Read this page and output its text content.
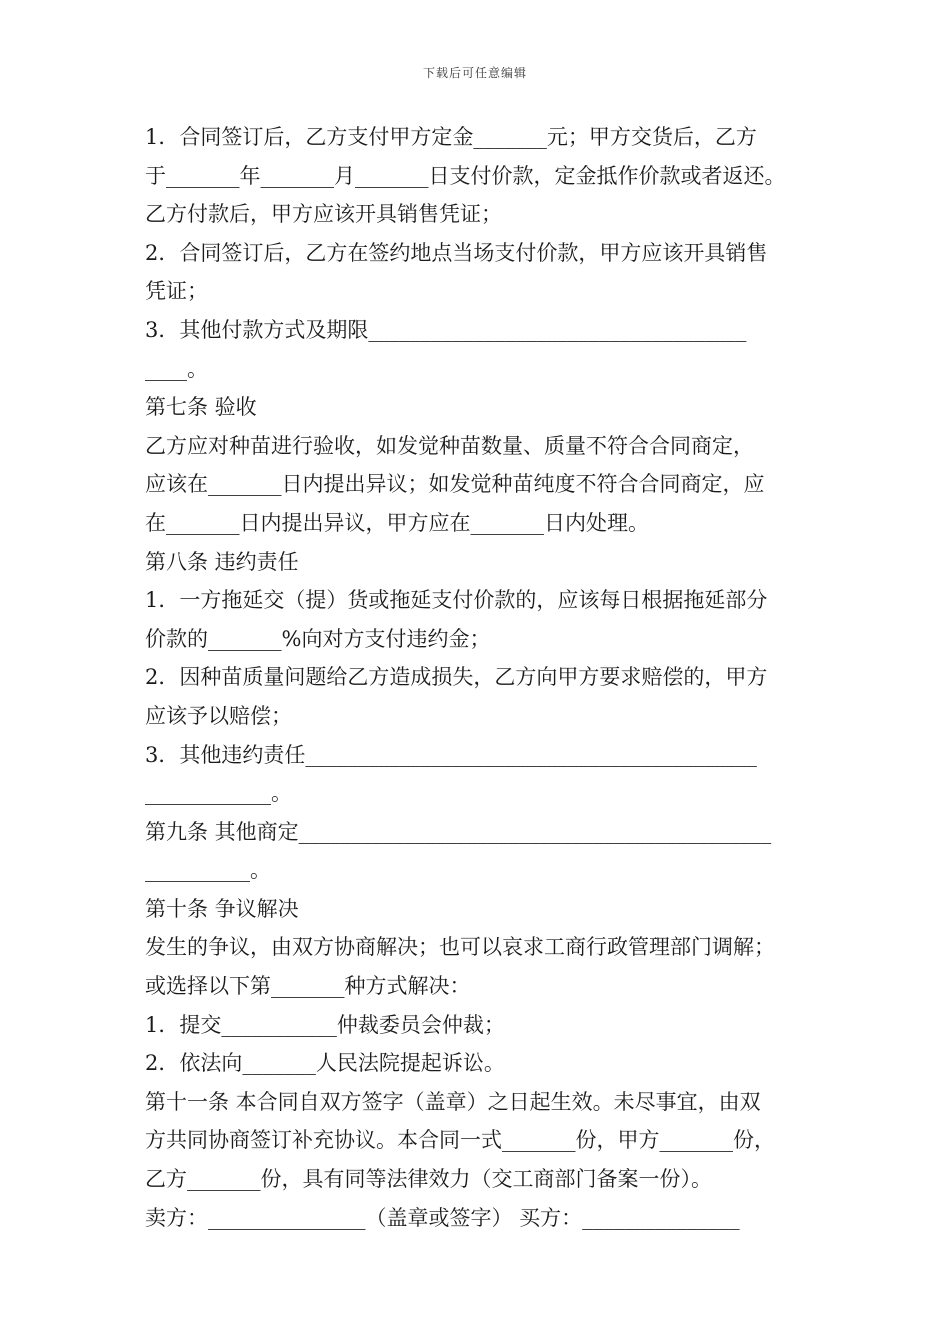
下载后可任意编辑
1．合同签订后，乙方支付甲方定金_______元；甲方交货后，乙方
于_______年_______月_______日支付价款，定金抵作价款或者返还。
乙方付款后，甲方应该开具销售凭证；
2．合同签订后，乙方在签约地点当场支付价款，甲方应该开具销售
凭证；
3．其他付款方式及期限____________________________________
____。
第七条 验收
乙方应对种苗进行验收，如发觉种苗数量、质量不符合合同商定，
应该在_______日内提出异议；如发觉种苗纯度不符合合同商定，应
在_______日内提出异议，甲方应在_______日内处理。
第八条 违约责任
1．一方拖延交（提）货或拖延支付价款的，应该每日根据拖延部分
价款的_______%向对方支付违约金；
2．因种苗质量问题给乙方造成损失，乙方向甲方要求赔偿的，甲方
应该予以赔偿；
3．其他违约责任___________________________________________
____________。
第九条 其他商定_____________________________________________
__________。
第十条 争议解决
发生的争议，由双方协商解决；也可以哀求工商行政管理部门调解；
或选择以下第_______种方式解决：
1．提交___________仲裁委员会仲裁；
2．依法向_______人民法院提起诉讼。
第十一条 本合同自双方签字（盖章）之日起生效。未尽事宜，由双
方共同协商签订补充协议。本合同一式_______份，甲方_______份，
乙方_______份，具有同等法律效力（交工商部门备案一份）。
卖方：_______________（盖章或签字） 买方：_______________
